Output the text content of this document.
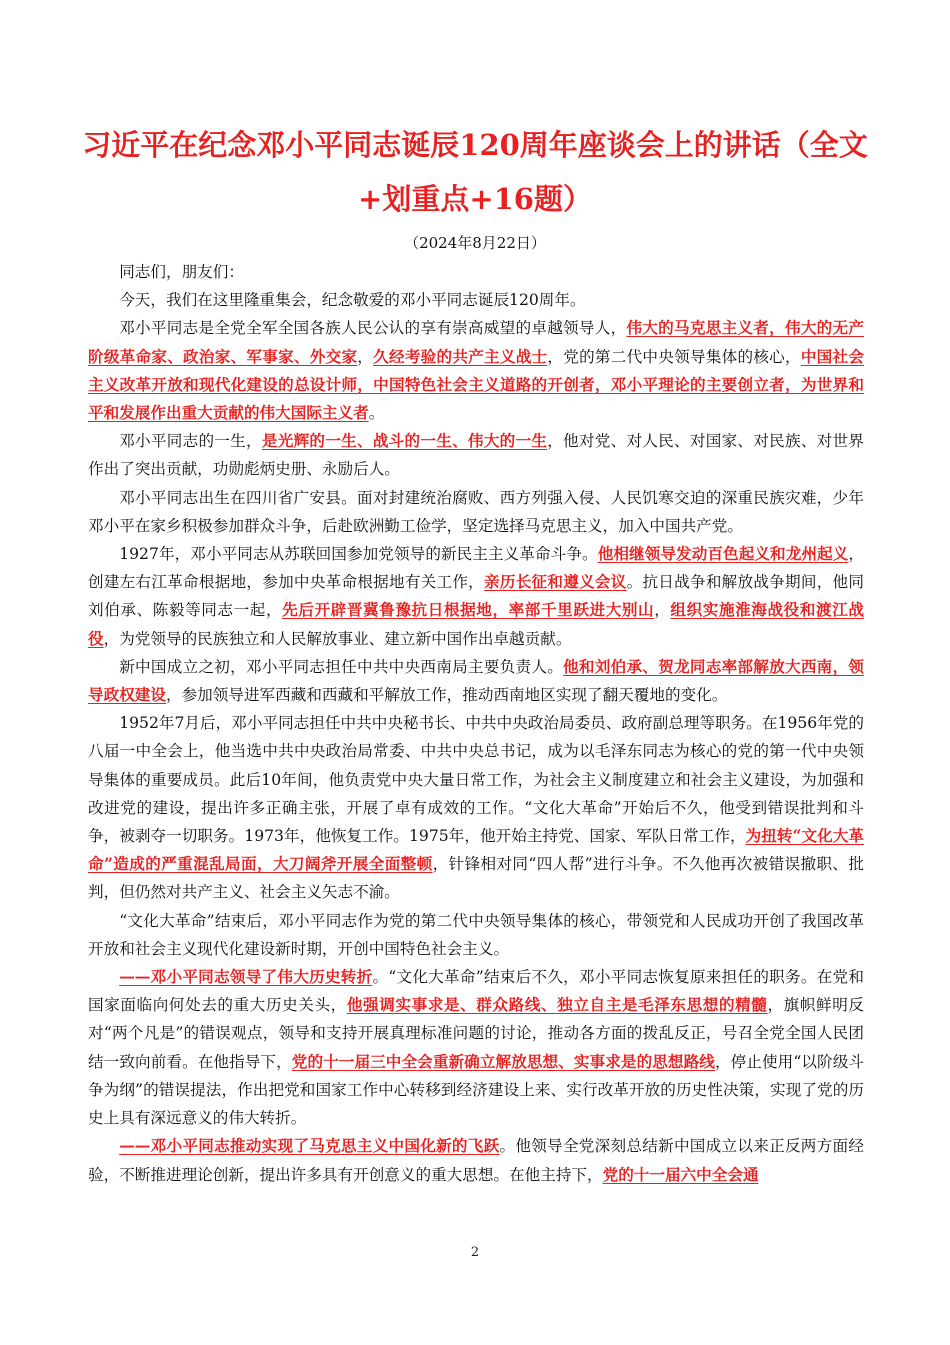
习近平在纪念邓小平同志诞辰120周年座谈会上的讲话（全文+划重点+16题）

（2024年8月22日）

同志们，朋友们：

今天，我们在这里隆重集会，纪念敬爱的邓小平同志诞辰120周年。

邓小平同志是全党全军全国各族人民公认的享有崇高威望的卓越领导人，伟大的马克思主义者，伟大的无产阶级革命家、政治家、军事家、外交家，久经考验的共产主义战士，党的第二代中央领导集体的核心，中国社会主义改革开放和现代化建设的总设计师，中国特色社会主义道路的开创者，邓小平理论的主要创立者，为世界和平和发展作出重大贡献的伟大国际主义者。

邓小平同志的一生，是光辉的一生、战斗的一生、伟大的一生，他对党、对人民、对国家、对民族、对世界作出了突出贡献，功勋彪炳史册、永励后人。

邓小平同志出生在四川省广安县。面对封建统治腐败、西方列强入侵、人民饥寒交迫的深重民族灾难，少年邓小平在家乡积极参加群众斗争，后赴欧洲勤工俭学，坚定选择马克思主义，加入中国共产党。

1927年，邓小平同志从苏联回国参加党领导的新民主主义革命斗争。他相继领导发动百色起义和龙州起义，创建左右江革命根据地，参加中央革命根据地有关工作，亲历长征和遵义会议。抗日战争和解放战争期间，他同刘伯承、陈毅等同志一起，先后开辟晋冀鲁豫抗日根据地，率部千里跃进大别山，组织实施淮海战役和渡江战役，为党领导的民族独立和人民解放事业、建立新中国作出卓越贡献。

新中国成立之初，邓小平同志担任中共中央西南局主要负责人。他和刘伯承、贺龙同志率部解放大西南，领导政权建设，参加领导进军西藏和西藏和平解放工作，推动西南地区实现了翻天覆地的变化。

1952年7月后，邓小平同志担任中共中央秘书长、中共中央政治局委员、政府副总理等职务。在1956年党的八届一中全会上，他当选中共中央政治局常委、中共中央总书记，成为以毛泽东同志为核心的党的第一代中央领导集体的重要成员。此后10年间，他负责党中央大量日常工作，为社会主义制度建立和社会主义建设，为加强和改进党的建设，提出许多正确主张，开展了卓有成效的工作。“文化大革命”开始后不久，他受到错误批判和斗争，被剥夺一切职务。1973年，他恢复工作。1975年，他开始主持党、国家、军队日常工作，为扭转“文化大革命”造成的严重混乱局面，大刀阔斧开展全面整顿，针锋相对同“四人帮”进行斗争。不久他再次被错误撤职、批判，但仍然对共产主义、社会主义矢志不渝。

“文化大革命”结束后，邓小平同志作为党的第二代中央领导集体的核心，带领党和人民成功开创了我国改革开放和社会主义现代化建设新时期，开创中国特色社会主义。

——邓小平同志领导了伟大历史转折。“文化大革命”结束后不久，邓小平同志恢复原来担任的职务。在党和国家面临向何处去的重大历史关头，他强调实事求是、群众路线、独立自主是毛泽东思想的精髓，旗帜鲜明反对“两个凡是”的错误观点，领导和支持开展真理标准问题的讨论，推动各方面的拨乱反正，号召全党全国人民团结一致向前看。在他指导下，党的十一届三中全会重新确立解放思想、实事求是的思想路线，停止使用“以阶级斗争为纲”的错误提法，作出把党和国家工作中心转移到经济建设上来、实行改革开放的历史性决策，实现了党的历史上具有深远意义的伟大转折。

——邓小平同志推动实现了马克思主义中国化新的飞跃。他领导全党深刻总结新中国成立以来正反两方面经验，不断推进理论创新，提出许多具有开创意义的重大思想。在他主持下，党的十一届六中全会通

2
